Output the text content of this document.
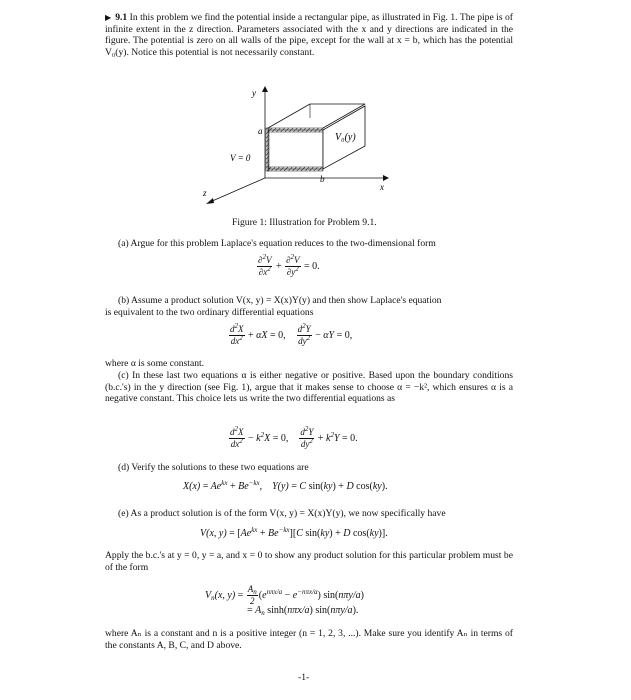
▶ 9.1 In this problem we find the potential inside a rectangular pipe, as illustrated in Fig. 1. The pipe is of infinite extent in the z direction. Parameters associated with the x and y directions are indicated in the figure. The potential is zero on all walls of the pipe, except for the wall at x = b, which has the potential V₀(y). Notice this potential is not necessarily constant.
y
a
b
x
z
V = 0
V₀(y)
Figure 1: Illustration for Problem 9.1.
(a) Argue for this problem Laplace's equation reduces to the two-dimensional form
$\frac{\partial^2V}{\partial x^2} + \frac{\partial^2V}{\partial y^2} = 0$.
(b) Assume a product solution V(x, y) = X(x)Y(y) and then show Laplace's equation
is equivalent to the two ordinary differential equations
$\frac{d^2X}{dx^2} + \alpha X = 0$, $\frac{d^2Y}{dy^2} - \alpha Y = 0$,
where α is some constant.
(c) In these last two equations α is either negative or positive. Based upon the boundary conditions (b.c.'s) in the y direction (see Fig. 1), argue that it makes sense to choose α = −k², which ensures α is a negative constant. This choice lets us write the two differential equations as
$\frac{d^2X}{dx^2} - k^2X = 0$, $\frac{d^2Y}{dy^2} + k^2Y = 0$.
(d) Verify the solutions to these two equations are
$X(x) = Ae^{kx} + Be^{-kx}$,    Y(y) = C sin(ky) + D cos(ky).
(e) As a product solution is of the form V(x, y) = X(x)Y(y), we now specifically have
V(x, $y) = [Ae^{kx} + Be^{-kx}][C$ sin(ky) + D cos(ky)].
Apply the b.c.'s at y = 0, y = a, and x = 0 to show any product solution for this particular problem must be of the form
$V_n(x$, $y) = \frac{A_n}{2} (e^{n\pi x/a} - e^{-n\pi x/a})$ sin(nπy/a)
= $A_n$ sinh(nπx/a) sin(nπy/a).
where Aₙ is a constant and n is a positive integer (n = 1, 2, 3, ...). Make sure you identify Aₙ in terms of the constants A, B, C, and D above.
-1-
